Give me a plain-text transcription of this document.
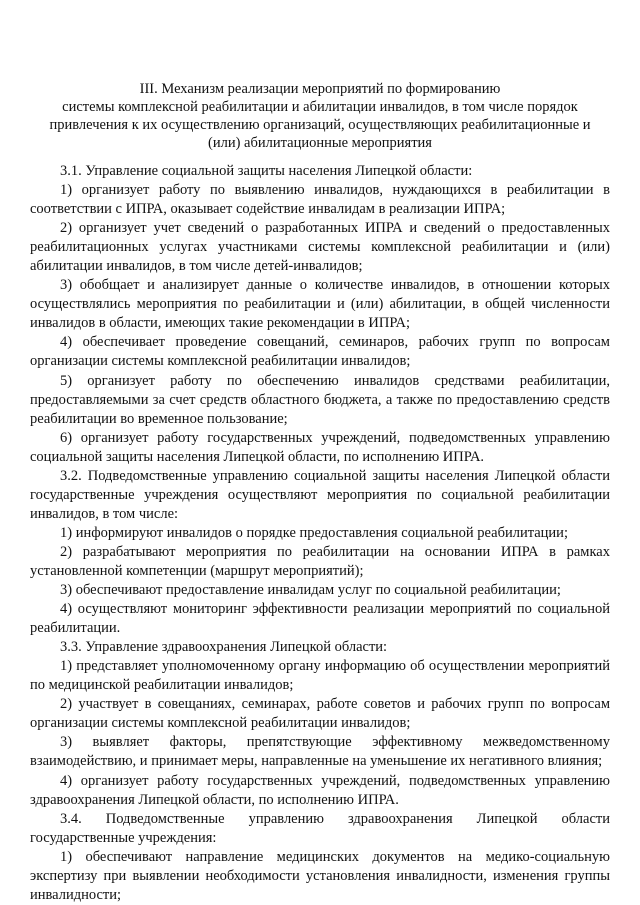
III. Механизм реализации мероприятий по формированию
системы комплексной реабилитации и абилитации инвалидов, в том числе порядок
привлечения к их осуществлению организаций, осуществляющих реабилитационные и
(или) абилитационные мероприятия

3.1. Управление социальной защиты населения Липецкой области:

1) организует работу по выявлению инвалидов, нуждающихся в реабилитации в соответствии с ИПРА, оказывает содействие инвалидам в реализации ИПРА;

2) организует учет сведений о разработанных ИПРА и сведений о предоставленных реабилитационных услугах участниками системы комплексной реабилитации и (или) абилитации инвалидов, в том числе детей-инвалидов;

3) обобщает и анализирует данные о количестве инвалидов, в отношении которых осуществлялись мероприятия по реабилитации и (или) абилитации, в общей численности инвалидов в области, имеющих такие рекомендации в ИПРА;

4) обеспечивает проведение совещаний, семинаров, рабочих групп по вопросам организации системы комплексной реабилитации инвалидов;

5) организует работу по обеспечению инвалидов средствами реабилитации, предоставляемыми за счет средств областного бюджета, а также по предоставлению средств реабилитации во временное пользование;

6) организует работу государственных учреждений, подведомственных управлению социальной защиты населения Липецкой области, по исполнению ИПРА.

3.2. Подведомственные управлению социальной защиты населения Липецкой области государственные учреждения осуществляют мероприятия по социальной реабилитации инвалидов, в том числе:

1) информируют инвалидов о порядке предоставления социальной реабилитации;

2) разрабатывают мероприятия по реабилитации на основании ИПРА в рамках установленной компетенции (маршрут мероприятий);

3) обеспечивают предоставление инвалидам услуг по социальной реабилитации;

4) осуществляют мониторинг эффективности реализации мероприятий по социальной реабилитации.

3.3. Управление здравоохранения Липецкой области:

1) представляет уполномоченному органу информацию об осуществлении мероприятий по медицинской реабилитации инвалидов;

2) участвует в совещаниях, семинарах, работе советов и рабочих групп по вопросам организации системы комплексной реабилитации инвалидов;

3) выявляет факторы, препятствующие эффективному межведомственному взаимодействию, и принимает меры, направленные на уменьшение их негативного влияния;

4) организует работу государственных учреждений, подведомственных управлению здравоохранения Липецкой области, по исполнению ИПРА.

3.4. Подведомственные управлению здравоохранения Липецкой области государственные учреждения:

1) обеспечивают направление медицинских документов на медико-социальную экспертизу при выявлении необходимости установления инвалидности, изменения группы инвалидности;
